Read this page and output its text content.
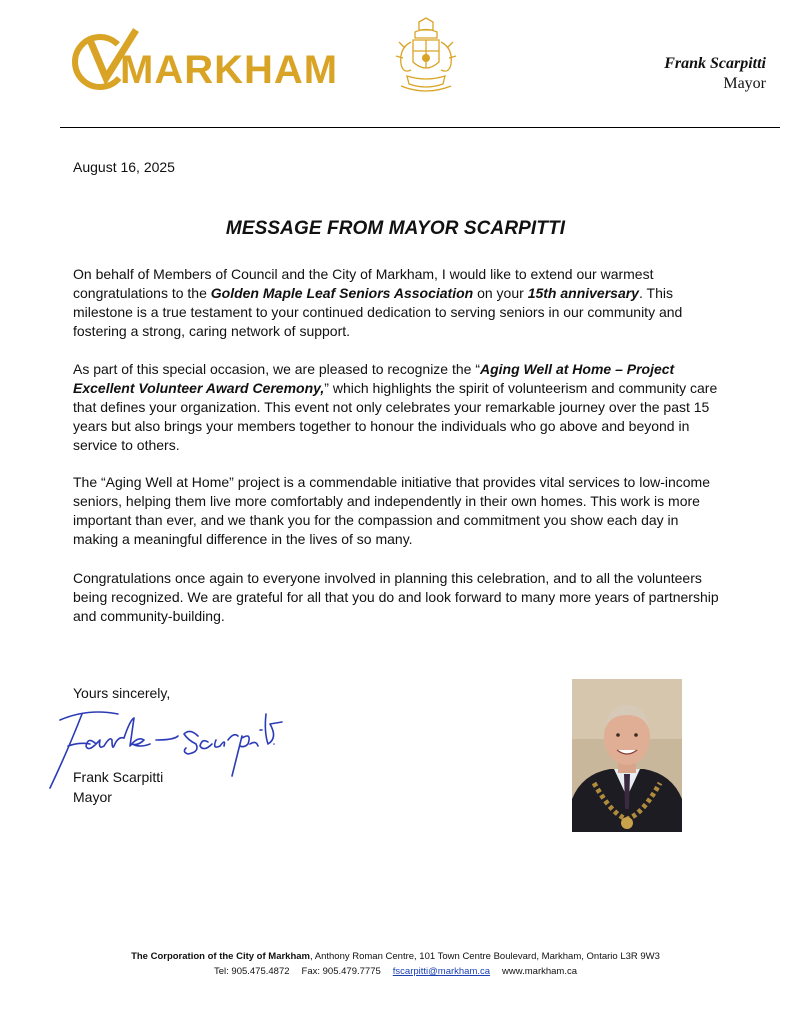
MARKHAM	Frank Scarpitti
Mayor
August 16, 2025
MESSAGE FROM MAYOR SCARPITTI

On behalf of Members of Council and the City of Markham, I would like to extend our warmest congratulations to the Golden Maple Leaf Seniors Association on your 15th anniversary. This milestone is a true testament to your continued dedication to serving seniors in our community and fostering a strong, caring network of support.

As part of this special occasion, we are pleased to recognize the “Aging Well at Home – Project Excellent Volunteer Award Ceremony,” which highlights the spirit of volunteerism and community care that defines your organization. This event not only celebrates your remarkable journey over the past 15 years but also brings your members together to honour the individuals who go above and beyond in service to others.

The “Aging Well at Home” project is a commendable initiative that provides vital services to low-income seniors, helping them live more comfortably and independently in their own homes. This work is more important than ever, and we thank you for the compassion and commitment you show each day in making a meaningful difference in the lives of so many.

Congratulations once again to everyone involved in planning this celebration, and to all the volunteers being recognized. We are grateful for all that you do and look forward to many more years of partnership and community-building.

Yours sincerely,
Frank Scarpitti
Mayor
The Corporation of the City of Markham, Anthony Roman Centre, 101 Town Centre Boulevard, Markham, Ontario L3R 9W3
Tel: 905.475.4872 Fax: 905.479.7775 fscarpitti@markham.ca www.markham.ca
